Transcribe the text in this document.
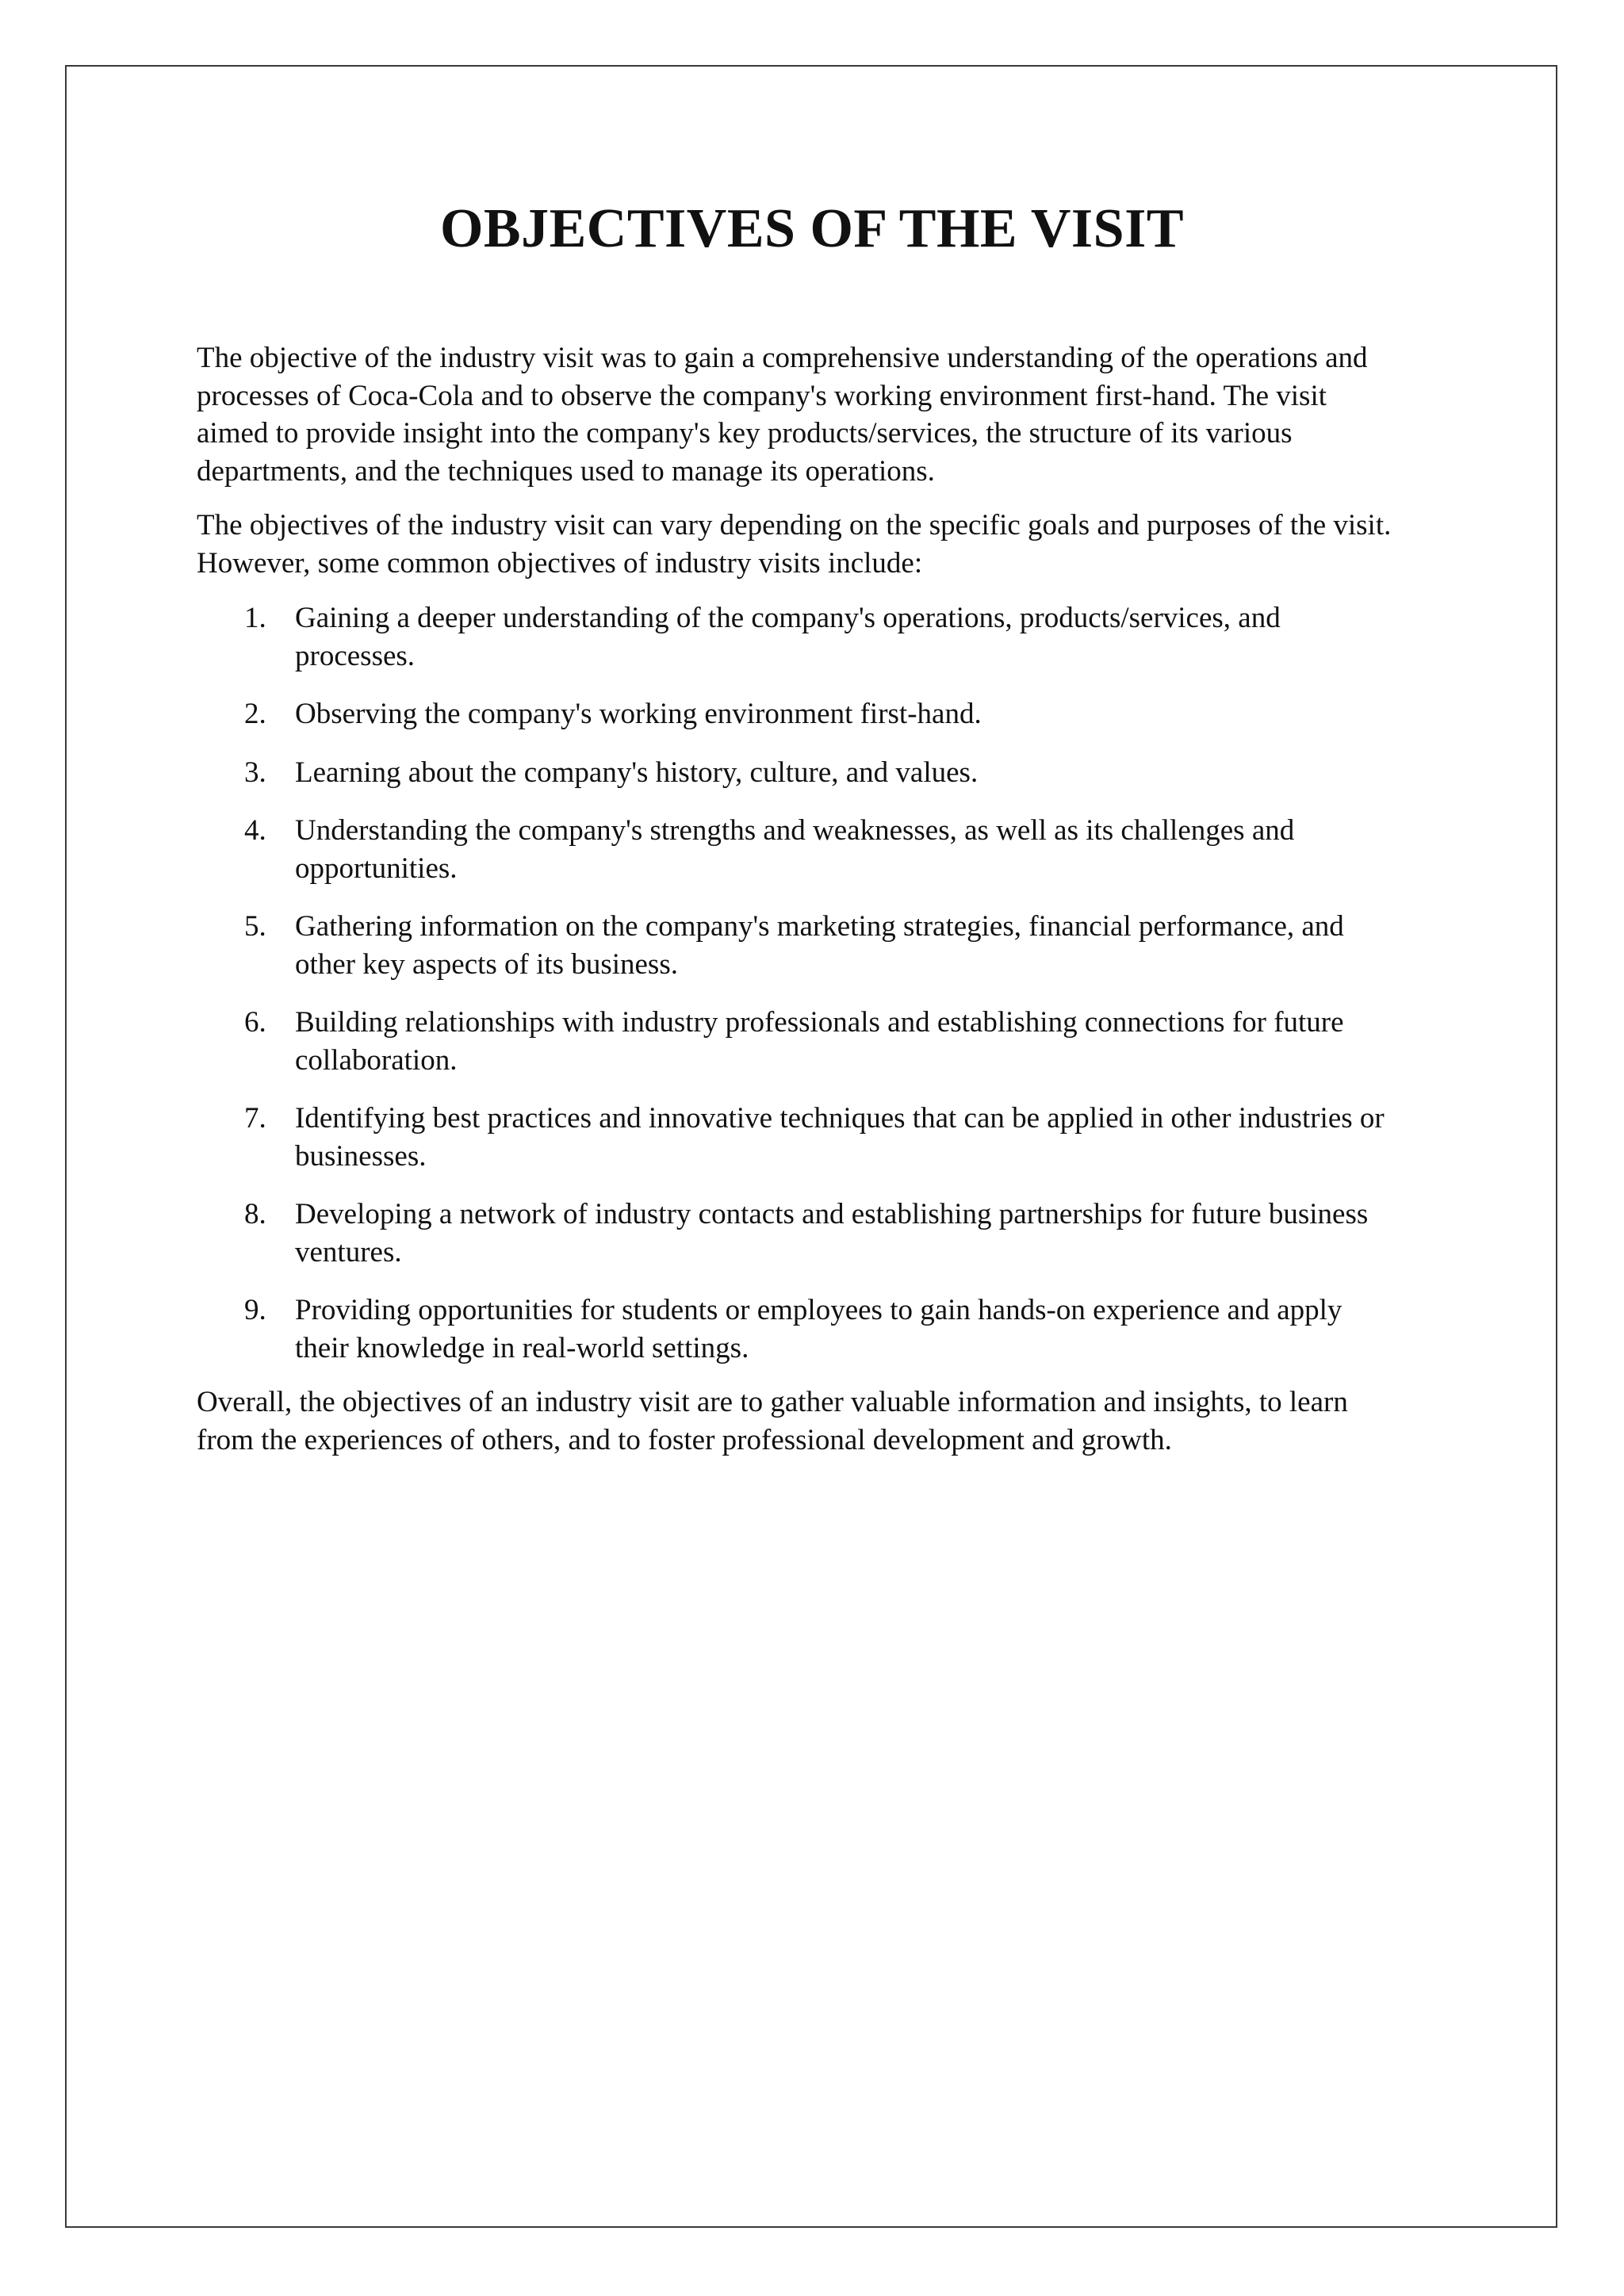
OBJECTIVES OF THE VISIT

The objective of the industry visit was to gain a comprehensive understanding of the operations and
processes of Coca-Cola and to observe the company's working environment first-hand. The visit
aimed to provide insight into the company's key products/services, the structure of its various
departments, and the techniques used to manage its operations.

The objectives of the industry visit can vary depending on the specific goals and purposes of the visit.
However, some common objectives of industry visits include:

1. Gaining a deeper understanding of the company's operations, products/services, and
processes.
2. Observing the company's working environment first-hand.
3. Learning about the company's history, culture, and values.
4. Understanding the company's strengths and weaknesses, as well as its challenges and
opportunities.
5. Gathering information on the company's marketing strategies, financial performance, and
other key aspects of its business.
6. Building relationships with industry professionals and establishing connections for future
collaboration.
7. Identifying best practices and innovative techniques that can be applied in other industries or
businesses.
8. Developing a network of industry contacts and establishing partnerships for future business
ventures.
9. Providing opportunities for students or employees to gain hands-on experience and apply
their knowledge in real-world settings.

Overall, the objectives of an industry visit are to gather valuable information and insights, to learn
from the experiences of others, and to foster professional development and growth.
